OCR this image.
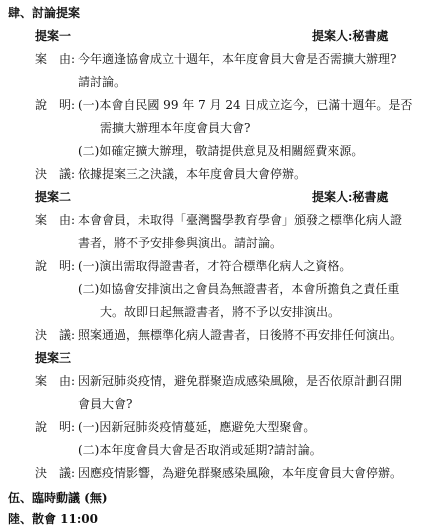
肆、討論提案
提案一	提案人:秘書處
案　由: 今年適逢協會成立十週年，本年度會員大會是否需擴大辦理?
請討論。
說　明: (一)本會自民國 99 年 7 月 24 日成立迄今，已滿十週年。是否
需擴大辦理本年度會員大會?
(二)如確定擴大辦理，敬請提供意見及相關經費來源。
決　議: 依據提案三之決議，本年度會員大會停辦。
提案二	提案人:秘書處
案　由: 本會會員，未取得「臺灣醫學教育學會」頒發之標準化病人證
書者，將不予安排參與演出。請討論。
說　明: (一)演出需取得證書者，才符合標準化病人之資格。
(二)如協會安排演出之會員為無證書者，本會所擔負之責任重
大。故即日起無證書者，將不予以安排演出。
決　議: 照案通過，無標準化病人證書者，日後將不再安排任何演出。
提案三
案　由: 因新冠肺炎疫情，避免群聚造成感染風險，是否依原計劃召開
會員大會?
說　明: (一)因新冠肺炎疫情蔓延，應避免大型聚會。
(二)本年度會員大會是否取消或延期?請討論。
決　議: 因應疫情影響，為避免群聚感染風險，本年度會員大會停辦。
伍、臨時動議 (無)
陸、散會 11:00
